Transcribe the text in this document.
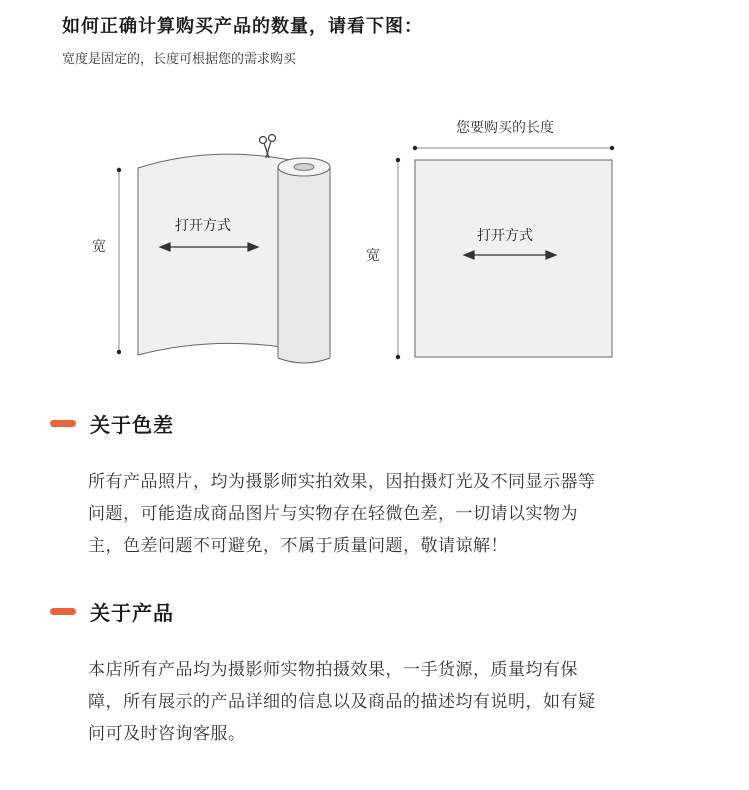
如何正确计算购买产品的数量，请看下图：
宽度是固定的，长度可根据您的需求购买
宽
打开方式
您要购买的长度
宽
打开方式
关于色差
所有产品照片，均为摄影师实拍效果，因拍摄灯光及不同显示器等
问题，可能造成商品图片与实物存在轻微色差，一切请以实物为
主，色差问题不可避免，不属于质量问题，敬请谅解！
关于产品
本店所有产品均为摄影师实物拍摄效果，一手货源，质量均有保
障，所有展示的产品详细的信息以及商品的描述均有说明，如有疑
问可及时咨询客服。
